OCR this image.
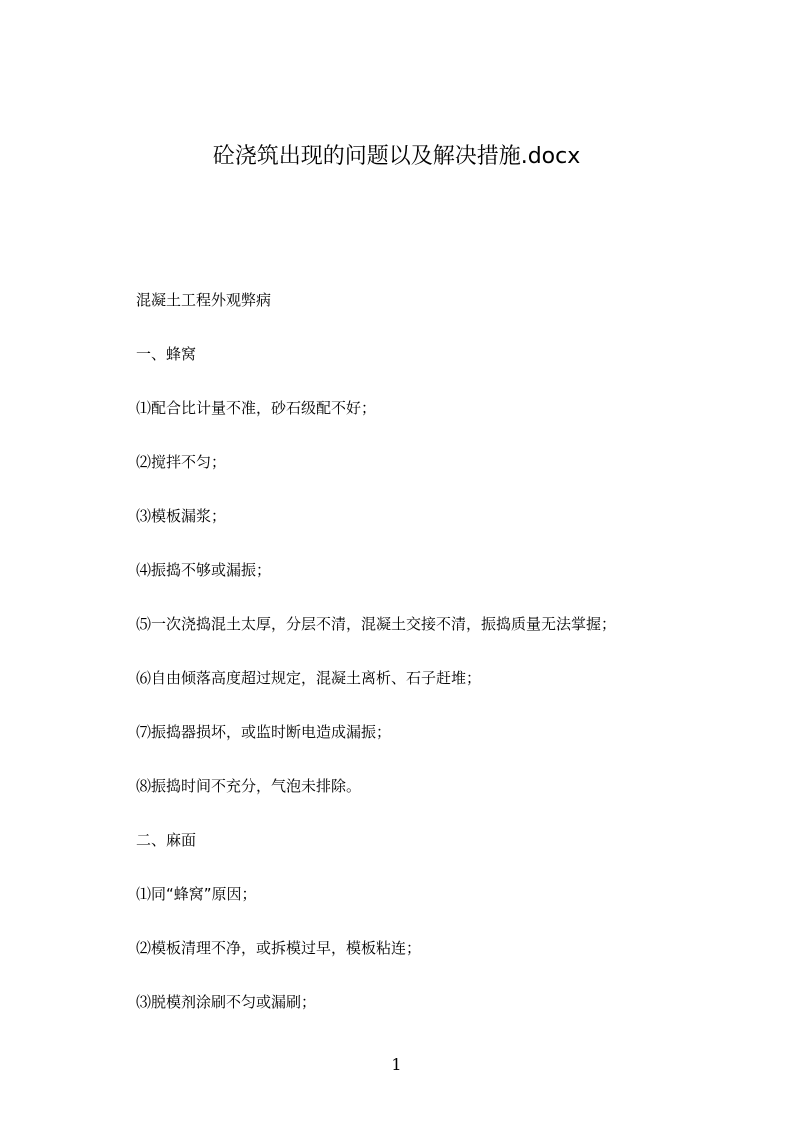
砼浇筑出现的问题以及解决措施.docx

混凝土工程外观弊病

一、蜂窝

⑴配合比计量不准，砂石级配不好；

⑵搅拌不匀；

⑶模板漏浆；

⑷振捣不够或漏振；

⑸一次浇捣混土太厚，分层不清，混凝土交接不清，振捣质量无法掌握；

⑹自由倾落高度超过规定，混凝土离析、石子赶堆；

⑺振捣器损坏，或监时断电造成漏振；

⑻振捣时间不充分，气泡未排除。

二、麻面

⑴同“蜂窝”原因；

⑵模板清理不净，或拆模过早，模板粘连；

⑶脱模剂涂刷不匀或漏刷；

1
